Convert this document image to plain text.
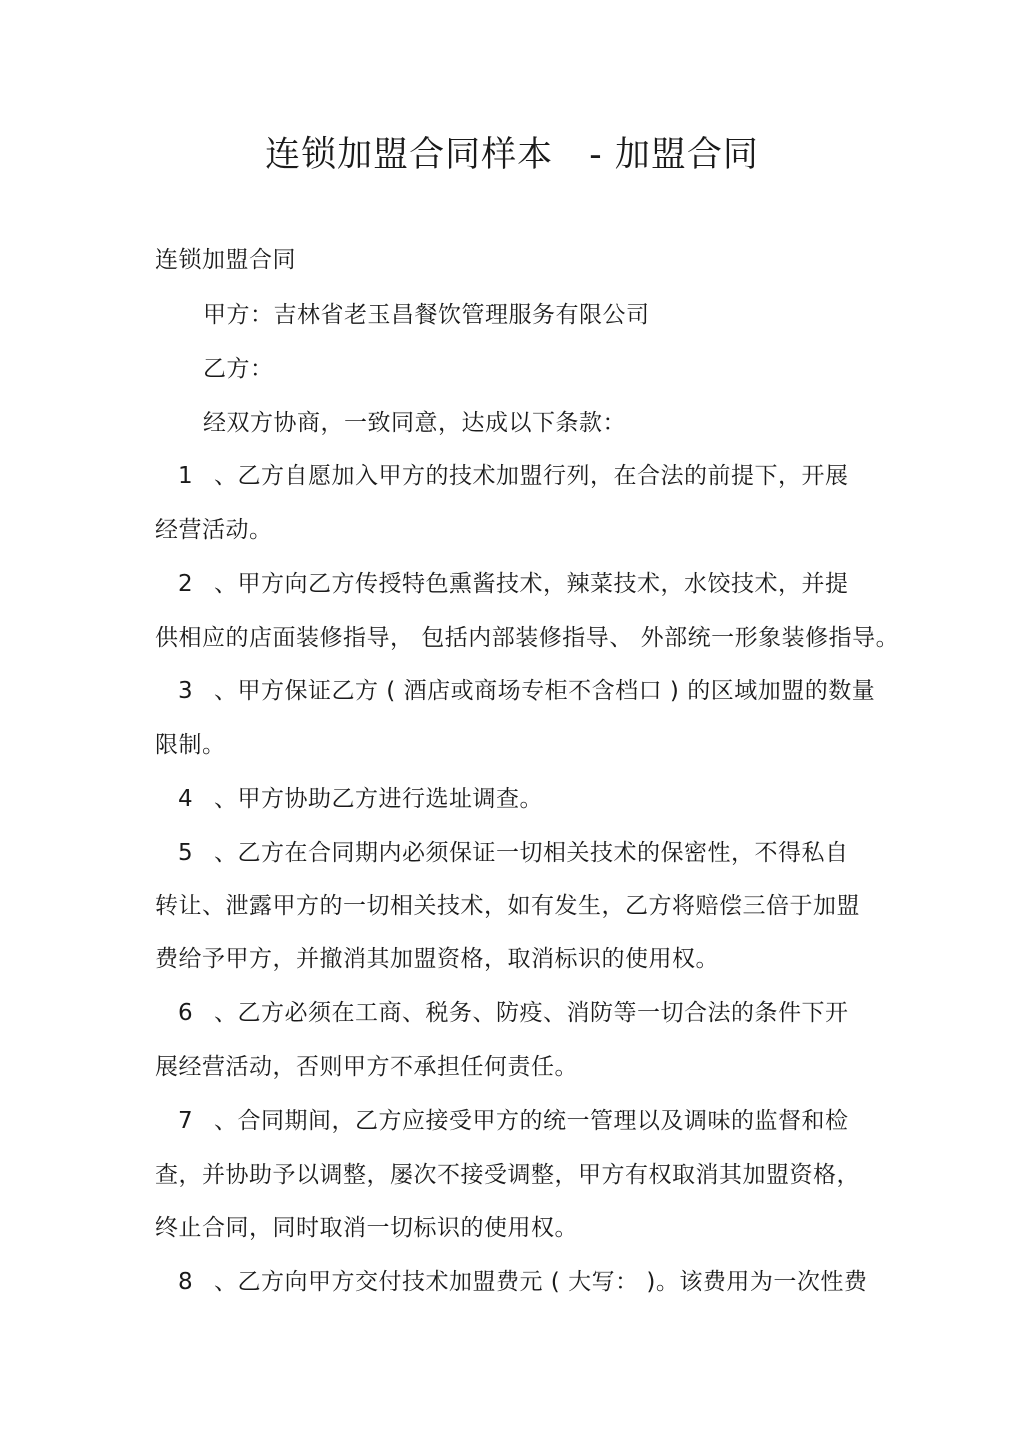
连锁加盟合同样本 - 加盟合同
连锁加盟合同
甲方：吉林省老玉昌餐饮管理服务有限公司
乙方：
经双方协商，一致同意，达成以下条款：
1 、乙方自愿加入甲方的技术加盟行列，在合法的前提下，开展
经营活动。
2 、甲方向乙方传授特色熏酱技术，辣菜技术，水饺技术，并提
供相应的店面装修指导， 包括内部装修指导、 外部统一形象装修指导。
3 、甲方保证乙方 ( 酒店或商场专柜不含档口 ) 的区域加盟的数量
限制。
4 、甲方协助乙方进行选址调查。
5 、乙方在合同期内必须保证一切相关技术的保密性，不得私自
转让、泄露甲方的一切相关技术，如有发生，乙方将赔偿三倍于加盟
费给予甲方，并撤消其加盟资格，取消标识的使用权。
6 、乙方必须在工商、税务、防疫、消防等一切合法的条件下开
展经营活动，否则甲方不承担任何责任。
7 、合同期间，乙方应接受甲方的统一管理以及调味的监督和检
查，并协助予以调整，屡次不接受调整，甲方有权取消其加盟资格，
终止合同，同时取消一切标识的使用权。
8 、乙方向甲方交付技术加盟费元 ( 大写： )。该费用为一次性费
